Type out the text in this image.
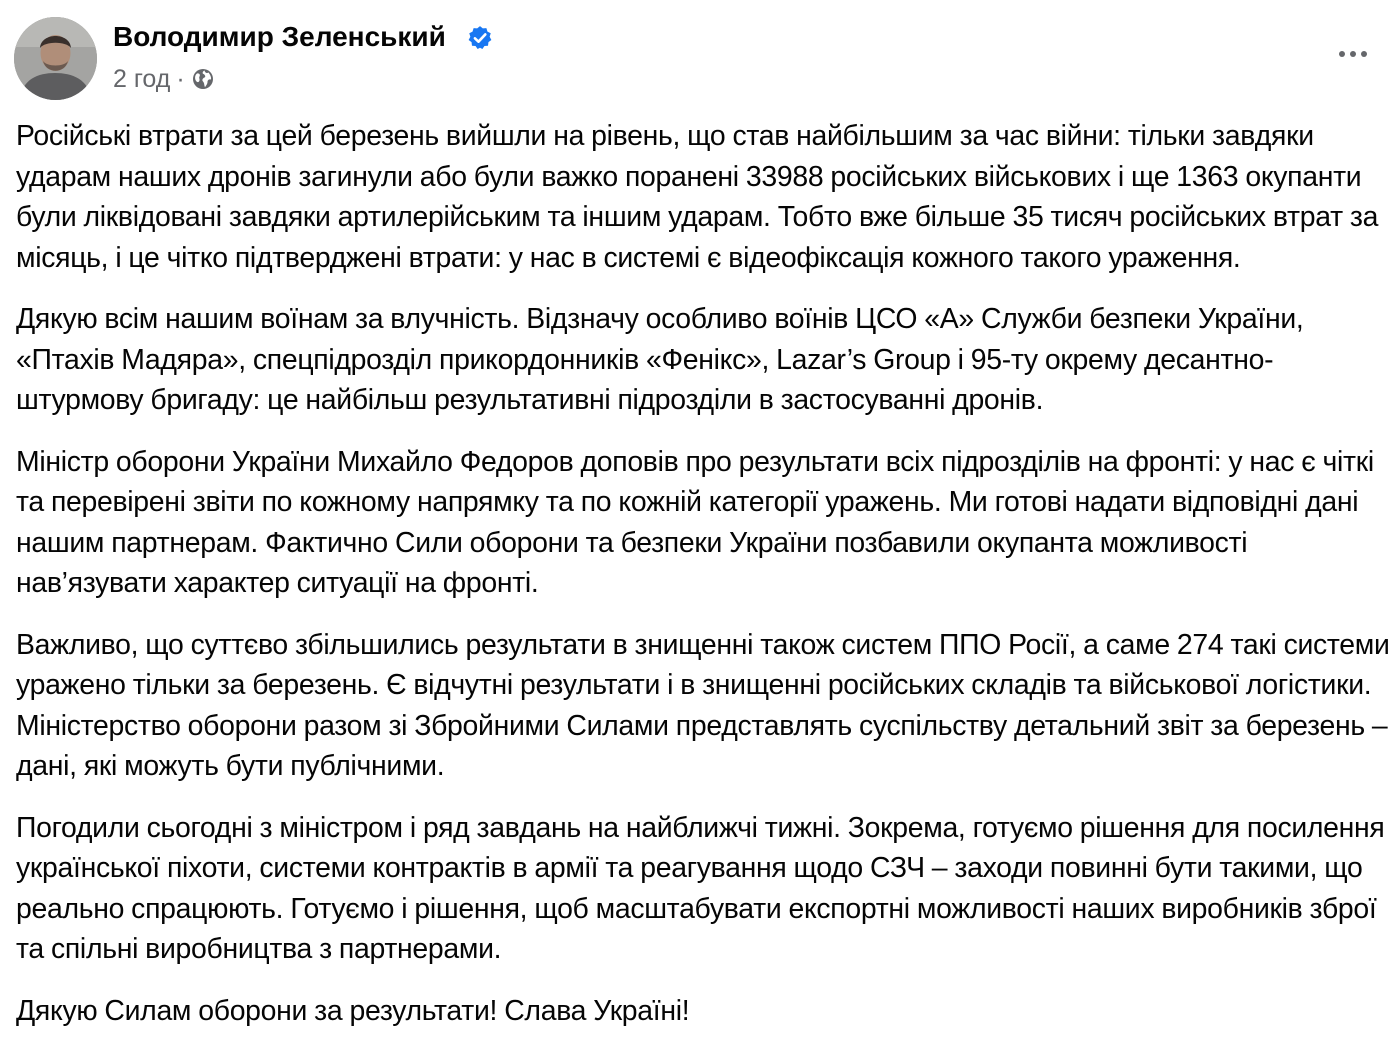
Володимир Зеленський
2 год ·

Російські втрати за цей березень вийшли на рівень, що став найбільшим за час війни: тільки завдяки ударам наших дронів загинули або були важко поранені 33988 російських військових і ще 1363 окупанти були ліквідовані завдяки артилерійським та іншим ударам. Тобто вже більше 35 тисяч російських втрат за місяць, і це чітко підтверджені втрати: у нас в системі є відеофіксація кожного такого ураження.

Дякую всім нашим воїнам за влучність. Відзначу особливо воїнів ЦСО «А» Служби безпеки України, «Птахів Мадяра», спецпідрозділ прикордонників «Фенікс», Lazar’s Group і 95-ту окрему десантно-штурмову бригаду: це найбільш результативні підрозділи в застосуванні дронів.

Міністр оборони України Михайло Федоров доповів про результати всіх підрозділів на фронті: у нас є чіткі та перевірені звіти по кожному напрямку та по кожній категорії уражень. Ми готові надати відповідні дані нашим партнерам. Фактично Сили оборони та безпеки України позбавили окупанта можливості нав’язувати характер ситуації на фронті.

Важливо, що суттєво збільшились результати в знищенні також систем ППО Росії, а саме 274 такі системи уражено тільки за березень. Є відчутні результати і в знищенні російських складів та військової логістики. Міністерство оборони разом зі Збройними Силами представлять суспільству детальний звіт за березень – дані, які можуть бути публічними.

Погодили сьогодні з міністром і ряд завдань на найближчі тижні. Зокрема, готуємо рішення для посилення української піхоти, системи контрактів в армії та реагування щодо СЗЧ – заходи повинні бути такими, що реально спрацюють. Готуємо і рішення, щоб масштабувати експортні можливості наших виробників зброї та спільні виробництва з партнерами.

Дякую Силам оборони за результати! Слава Україні!
